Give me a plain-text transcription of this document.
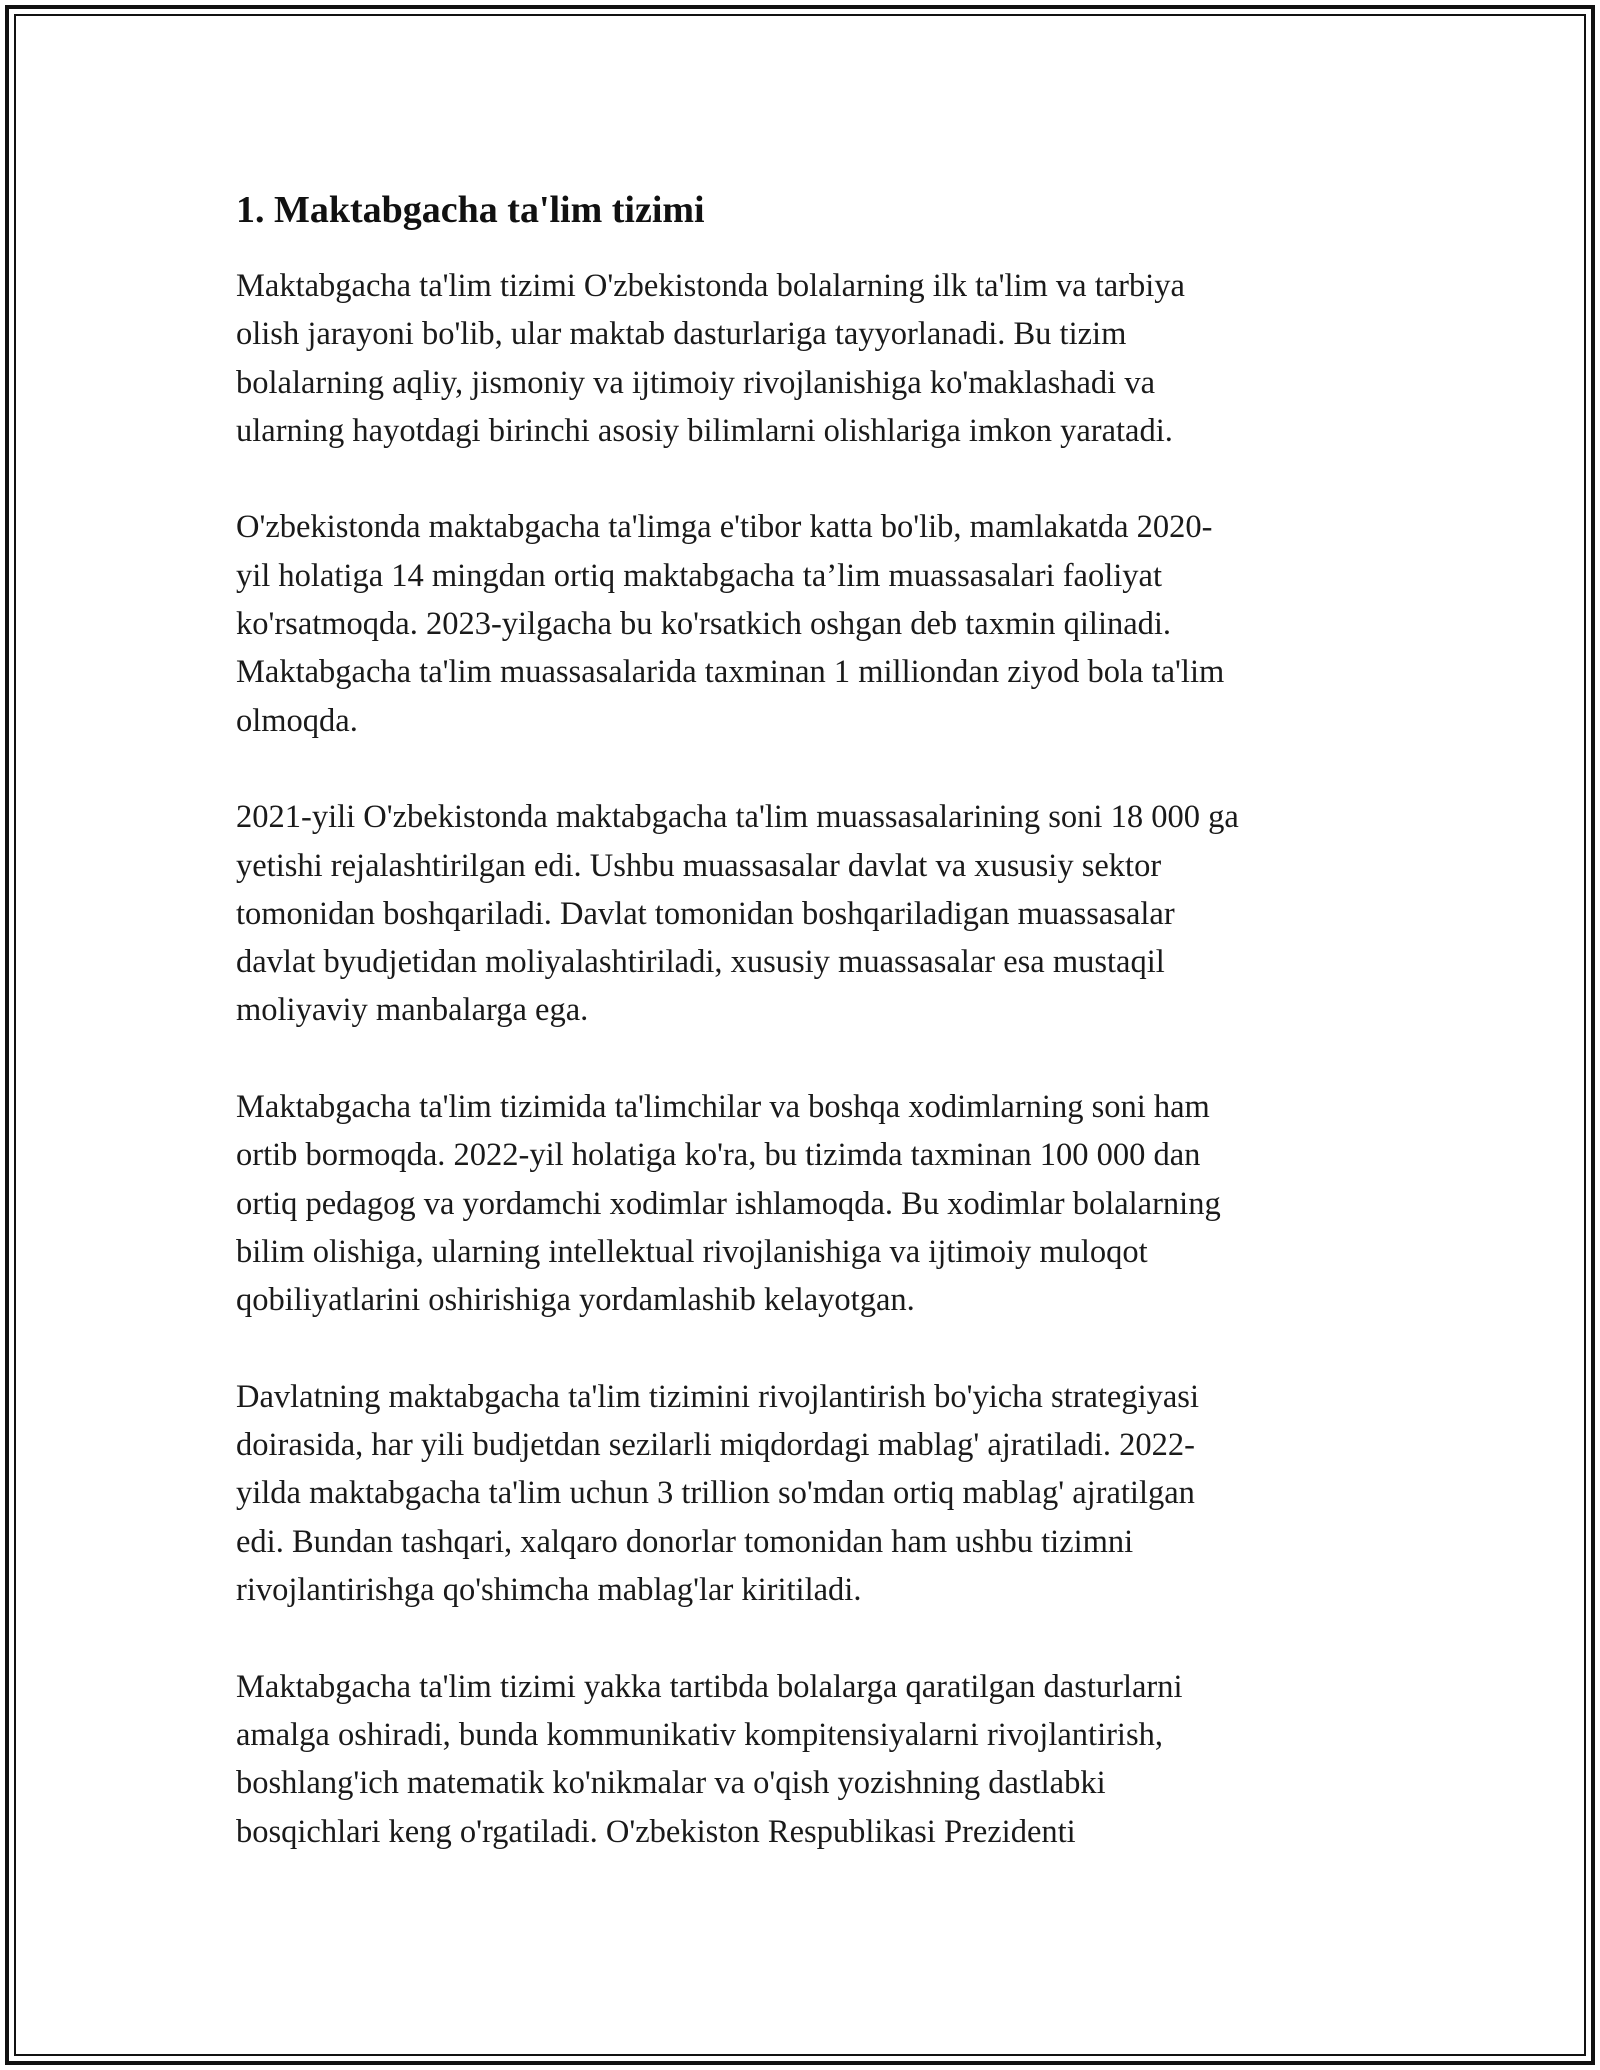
1. Maktabgacha ta'lim tizimi

Maktabgacha ta'lim tizimi O'zbekistonda bolalarning ilk ta'lim va tarbiya
olish jarayoni bo'lib, ular maktab dasturlariga tayyorlanadi. Bu tizim
bolalarning aqliy, jismoniy va ijtimoiy rivojlanishiga ko'maklashadi va
ularning hayotdagi birinchi asosiy bilimlarni olishlariga imkon yaratadi.

O'zbekistonda maktabgacha ta'limga e'tibor katta bo'lib, mamlakatda 2020-
yil holatiga 14 mingdan ortiq maktabgacha ta’lim muassasalari faoliyat
ko'rsatmoqda. 2023-yilgacha bu ko'rsatkich oshgan deb taxmin qilinadi.
Maktabgacha ta'lim muassasalarida taxminan 1 milliondan ziyod bola ta'lim
olmoqda.

2021-yili O'zbekistonda maktabgacha ta'lim muassasalarining soni 18 000 ga
yetishi rejalashtirilgan edi. Ushbu muassasalar davlat va xususiy sektor
tomonidan boshqariladi. Davlat tomonidan boshqariladigan muassasalar
davlat byudjetidan moliyalashtiriladi, xususiy muassasalar esa mustaqil
moliyaviy manbalarga ega.

Maktabgacha ta'lim tizimida ta'limchilar va boshqa xodimlarning soni ham
ortib bormoqda. 2022-yil holatiga ko'ra, bu tizimda taxminan 100 000 dan
ortiq pedagog va yordamchi xodimlar ishlamoqda. Bu xodimlar bolalarning
bilim olishiga, ularning intellektual rivojlanishiga va ijtimoiy muloqot
qobiliyatlarini oshirishiga yordamlashib kelayotgan.

Davlatning maktabgacha ta'lim tizimini rivojlantirish bo'yicha strategiyasi
doirasida, har yili budjetdan sezilarli miqdordagi mablag' ajratiladi. 2022-
yilda maktabgacha ta'lim uchun 3 trillion so'mdan ortiq mablag' ajratilgan
edi. Bundan tashqari, xalqaro donorlar tomonidan ham ushbu tizimni
rivojlantirishga qo'shimcha mablag'lar kiritiladi.

Maktabgacha ta'lim tizimi yakka tartibda bolalarga qaratilgan dasturlarni
amalga oshiradi, bunda kommunikativ kompitensiyalarni rivojlantirish,
boshlang'ich matematik ko'nikmalar va o'qish yozishning dastlabki
bosqichlari keng o'rgatiladi. O'zbekiston Respublikasi Prezidenti
